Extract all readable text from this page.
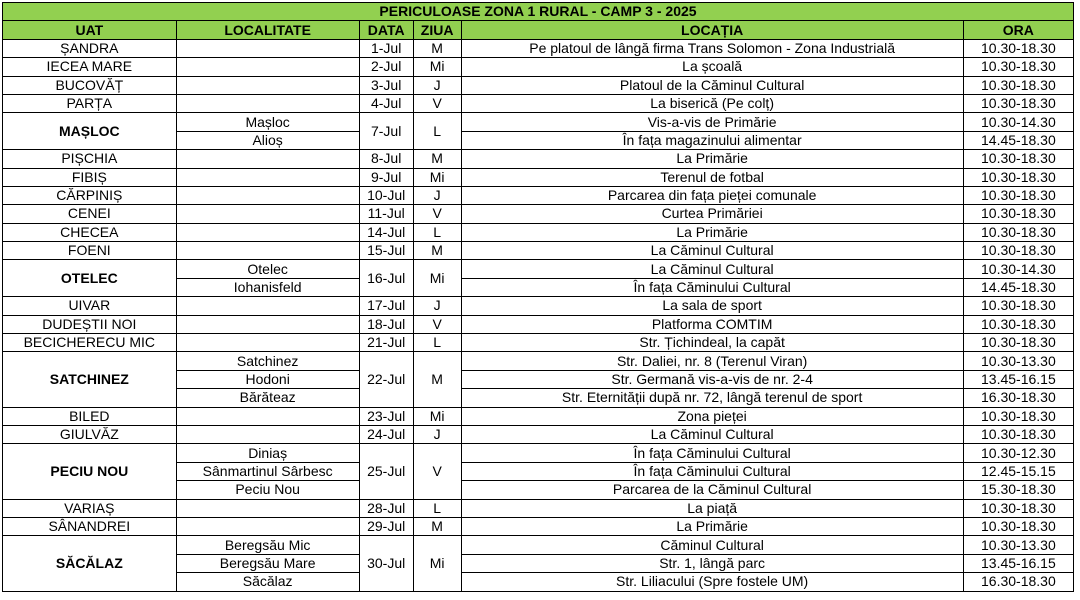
PERICULOASE ZONA 1 RURAL - CAMP 3 - 2025					
UAT	LOCALITATE	DATA	ZIUA	LOCAȚIA	ORA
ȘANDRA		1-Jul	M	Pe platoul de lângă firma Trans Solomon - Zona Industrială	10.30-18.30
IECEA MARE		2-Jul	Mi	La școală	10.30-18.30
BUCOVĂȚ		3-Jul	J	Platoul de la Căminul Cultural	10.30-18.30
PARȚA		4-Jul	V	La biserică (Pe colț)	10.30-18.30
MAȘLOC	Mașloc	7-Jul	L	Vis-a-vis de Primărie	10.30-14.30
	Alioș			În fața magazinului alimentar	14.45-18.30
PIȘCHIA		8-Jul	M	La Primărie	10.30-18.30
FIBIȘ		9-Jul	Mi	Terenul de fotbal	10.30-18.30
CĂRPINIȘ		10-Jul	J	Parcarea din fața pieței comunale	10.30-18.30
CENEI		11-Jul	V	Curtea Primăriei	10.30-18.30
CHECEA		14-Jul	L	La Primărie	10.30-18.30
FOENI		15-Jul	M	La Căminul Cultural	10.30-18.30
OTELEC	Otelec	16-Jul	Mi	La Căminul Cultural	10.30-14.30
	Iohanisfeld			În fața Căminului Cultural	14.45-18.30
UIVAR		17-Jul	J	La sala de sport	10.30-18.30
DUDEȘTII NOI		18-Jul	V	Platforma COMTIM	10.30-18.30
BECICHERECU MIC		21-Jul	L	Str. Țichindeal, la capăt	10.30-18.30
SATCHINEZ	Satchinez	22-Jul	M	Str. Daliei, nr. 8 (Terenul Viran)	10.30-13.30
	Hodoni			Str. Germană vis-a-vis de nr. 2-4	13.45-16.15
	Bărăteaz			Str. Eternității după nr. 72, lângă terenul de sport	16.30-18.30
BILED		23-Jul	Mi	Zona pieței	10.30-18.30
GIULVĂZ		24-Jul	J	La Căminul Cultural	10.30-18.30
PECIU NOU	Diniaș	25-Jul	V	În fața Căminului Cultural	10.30-12.30
	Sânmartinul Sârbesc			În fața Căminului Cultural	12.45-15.15
	Peciu Nou			Parcarea de la Căminul Cultural	15.30-18.30
VARIAȘ		28-Jul	L	La piață	10.30-18.30
SÂNANDREI		29-Jul	M	La Primărie	10.30-18.30
SĂCĂLAZ	Beregsău Mic	30-Jul	Mi	Căminul Cultural	10.30-13.30
	Beregsău Mare			Str. 1, lângă parc	13.45-16.15
	Săcălaz			Str. Liliacului (Spre fostele UM)	16.30-18.30
